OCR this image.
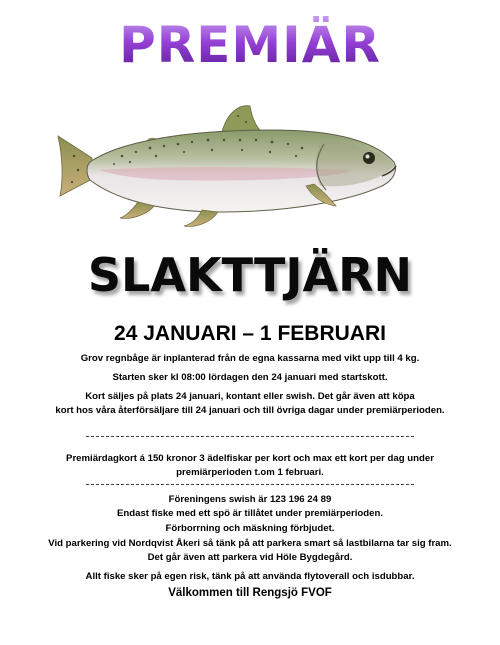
PREMIÄR
SLAKTTJÄRN
24 JANUARI – 1 FEBRUARI
Grov regnbåge är inplanterad från de egna kassarna med vikt upp till 4 kg.
Starten sker kl 08:00 lördagen den 24 januari med startskott.
Kort säljes på plats 24 januari, kontant eller swish. Det går även att köpa
kort hos våra återförsäljare till 24 januari och till övriga dagar under premiärperioden.
Premiärdagkort á 150 kronor 3 ädelfiskar per kort och max ett kort per dag under
premiärperioden t.om 1 februari.
Föreningens swish är 123 196 24 89
Endast fiske med ett spö är tillåtet under premiärperioden.
Förborrning och mäskning förbjudet.
Vid parkering vid Nordqvist Åkeri så tänk på att parkera smart så lastbilarna tar sig fram.
Det går även att parkera vid Höle Bygdegård.
Allt fiske sker på egen risk, tänk på att använda flytoverall och isdubbar.
Välkommen till Rengsjö FVOF
